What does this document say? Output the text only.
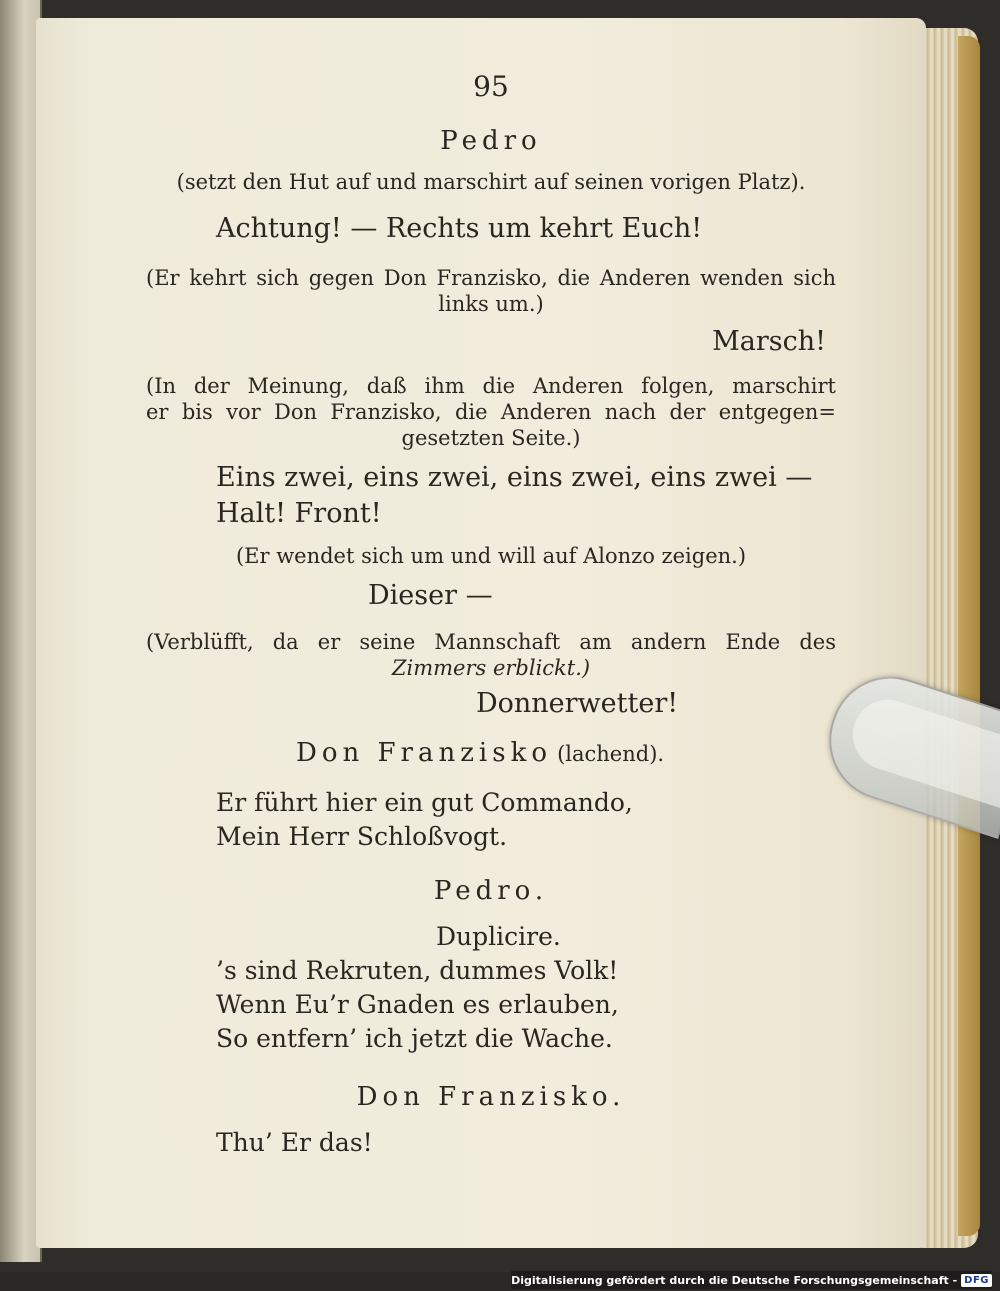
95
Pedro
(setzt den Hut auf und marschirt auf seinen vorigen Platz).
Achtung! — Rechts um kehrt Euch!
(Er kehrt sich gegen Don Franzisko, die Anderen wenden sich
links um.)
Marsch!
(In der Meinung, daß ihm die Anderen folgen, marschirt
er bis vor Don Franzisko, die Anderen nach der entgegen=
gesetzten Seite.)
Eins zwei, eins zwei, eins zwei, eins zwei —
Halt! Front!
(Er wendet sich um und will auf Alonzo zeigen.)
Dieser —
(Verblüfft, da er seine Mannschaft am andern Ende des
Zimmers erblickt.)
Donnerwetter!
Don Franzisko (lachend).
Er führt hier ein gut Commando,
Mein Herr Schloßvogt.
Pedro.
Duplicire.
’s sind Rekruten, dummes Volk!
Wenn Eu’r Gnaden es erlauben,
So entfern’ ich jetzt die Wache.
Don Franzisko.
Thu’ Er das!
Digitalisierung gefördert durch die Deutsche Forschungsgemeinschaft - DFG
